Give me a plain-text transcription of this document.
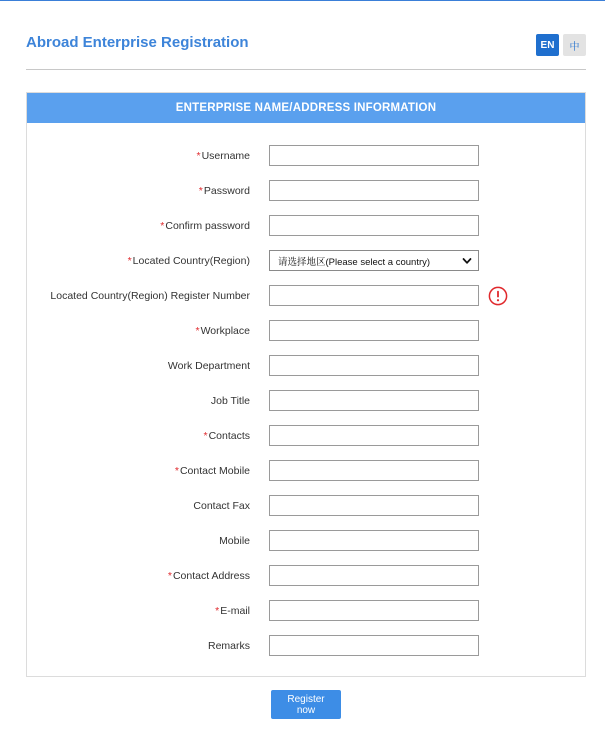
Abroad Enterprise Registration	EN	中
ENTERPRISE NAME/ADDRESS INFORMATION
* Username
* Password
* Confirm password
* Located Country(Region)	请选择地区(Please select a country)
Located Country(Region) Register Number
* Workplace
Work Department
Job Title
* Contacts
* Contact Mobile
Contact Fax
Mobile
* Contact Address
* E-mail
Remarks
Register now
